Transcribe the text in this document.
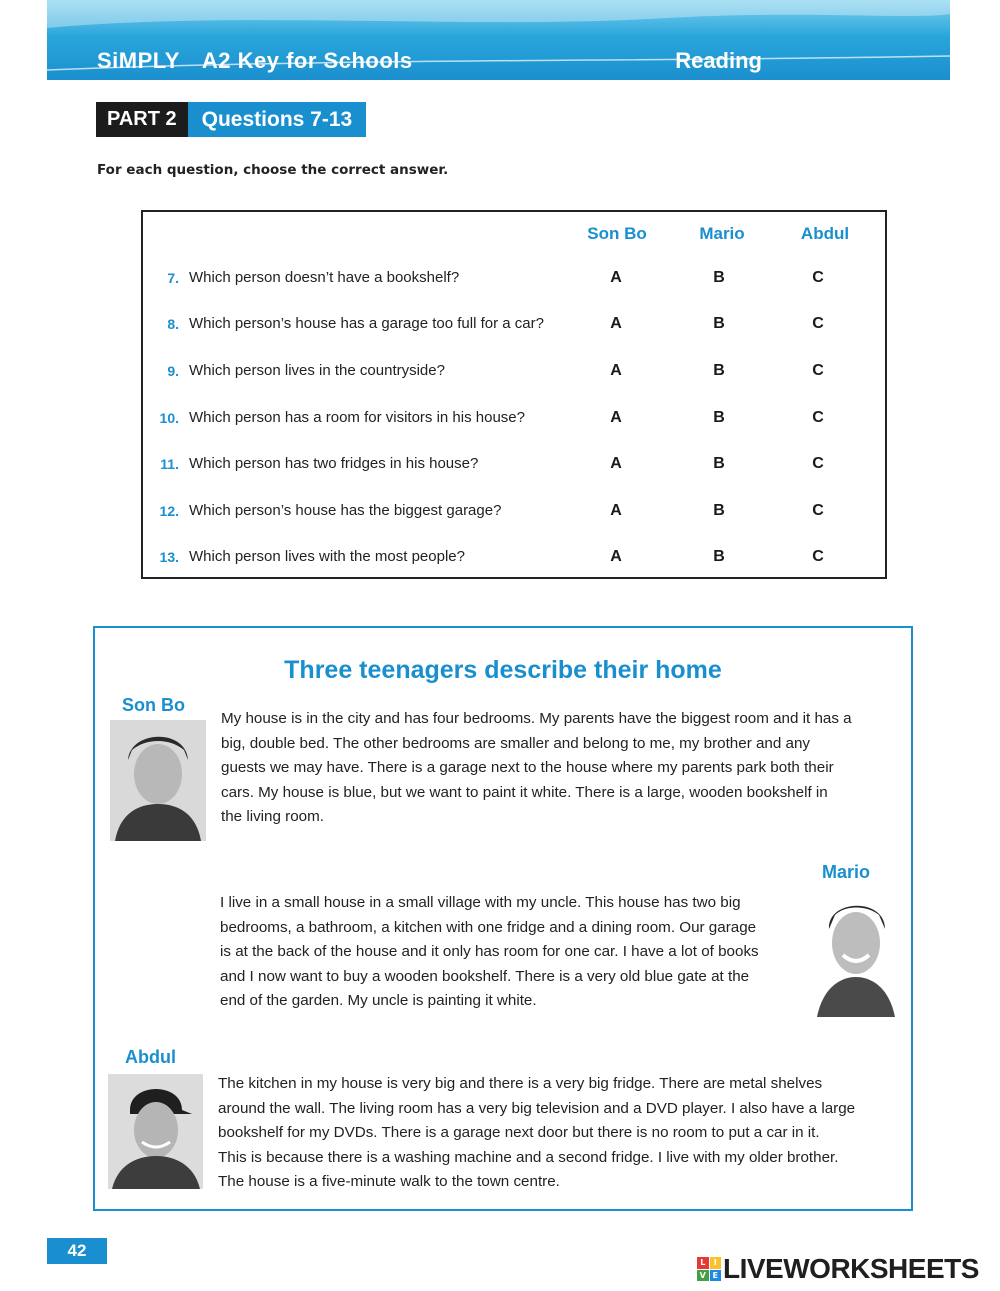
SiMPLY A2 Key for Schools	Reading
PART 2	Questions 7-13
For each question, choose the correct answer.
Son Bo	Mario	Abdul
7. Which person doesn’t have a bookshelf?	A	B	C
8. Which person’s house has a garage too full for a car?	A	B	C
9. Which person lives in the countryside?	A	B	C
10. Which person has a room for visitors in his house?	A	B	C
11. Which person has two fridges in his house?	A	B	C
12. Which person’s house has the biggest garage?	A	B	C
13. Which person lives with the most people?	A	B	C
Three teenagers describe their home
Son Bo
My house is in the city and has four bedrooms. My parents have the biggest room and it has a
big, double bed. The other bedrooms are smaller and belong to me, my brother and any
guests we may have. There is a garage next to the house where my parents park both their
cars. My house is blue, but we want to paint it white. There is a large, wooden bookshelf in
the living room.
Mario
I live in a small house in a small village with my uncle. This house has two big
bedrooms, a bathroom, a kitchen with one fridge and a dining room. Our garage
is at the back of the house and it only has room for one car. I have a lot of books
and I now want to buy a wooden bookshelf. There is a very old blue gate at the
end of the garden. My uncle is painting it white.
Abdul
The kitchen in my house is very big and there is a very big fridge. There are metal shelves
around the wall. The living room has a very big television and a DVD player. I also have a large
bookshelf for my DVDs. There is a garage next door but there is no room to put a car in it.
This is because there is a washing machine and a second fridge. I live with my older brother.
The house is a five-minute walk to the town centre.
42
L	I
V E LIVEWORKSHEETS
